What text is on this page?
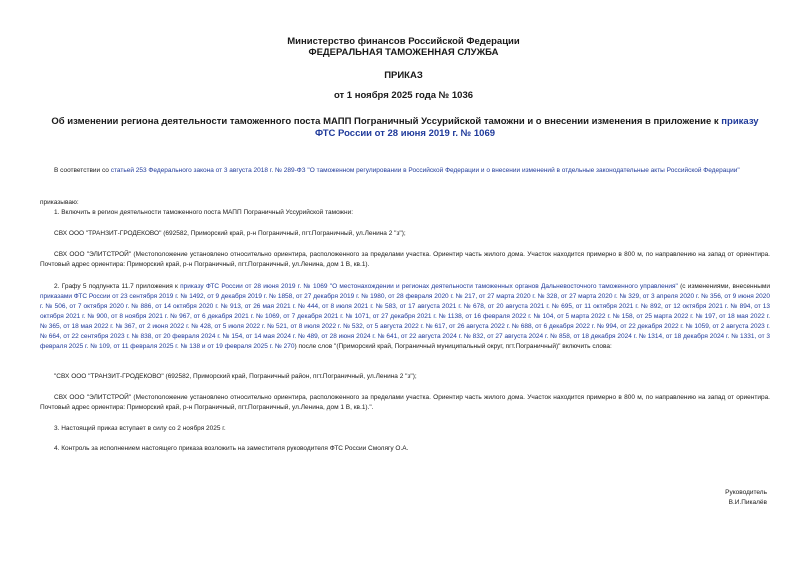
Министерство финансов Российской Федерации
ФЕДЕРАЛЬНАЯ ТАМОЖЕННАЯ СЛУЖБА
ПРИКАЗ
от 1 ноября 2025 года № 1036
Об изменении региона деятельности таможенного поста МАПП Пограничный Уссурийской таможни и о внесении изменения в приложение к приказу ФТС России от 28 июня 2019 г. № 1069
В соответствии со статьей 253 Федерального закона от 3 августа 2018 г. № 289-ФЗ "О таможенном регулировании в Российской Федерации и о внесении изменений в отдельные законодательные акты Российской Федерации"
приказываю:
1. Включить в регион деятельности таможенного поста МАПП Пограничный Уссурийской таможни:
СВХ ООО "ТРАНЗИТ-ГРОДЕКОВО" (692582, Приморский край, р-н Пограничный, пгт.Пограничный, ул.Ленина 2 "з");
СВХ ООО "ЭЛИТСТРОЙ" (Местоположение установлено относительно ориентира, расположенного за пределами участка. Ориентир часть жилого дома. Участок находится примерно в 800 м, по направлению на запад от ориентира. Почтовый адрес ориентира: Приморский край, р-н Пограничный, пгт.Пограничный, ул.Ленина, дом 1 В, кв.1).
2. Графу 5 подпункта 11.7 приложения к приказу ФТС России от 28 июня 2019 г. № 1069 "О местонахождении и регионах деятельности таможенных органов Дальневосточного таможенного управления" (с изменениями, внесенными приказами ФТС России от 23 сентября 2019 г. № 1492, от 9 декабря 2019 г. № 1858, от 27 декабря 2019 г. № 1980, от 28 февраля 2020 г. № 217, от 27 марта 2020 г. № 328, от 27 марта 2020 г. № 329, от 3 апреля 2020 г. № 356, от 9 июня 2020 г. № 506, от 7 октября 2020 г. № 886, от 14 октября 2020 г. № 913, от 26 мая 2021 г. № 444, от 8 июля 2021 г. № 583, от 17 августа 2021 г. № 678, от 20 августа 2021 г. № 695, от 11 октября 2021 г. № 892, от 12 октября 2021 г. № 894, от 13 октября 2021 г. № 900, от 8 ноября 2021 г. № 967, от 6 декабря 2021 г. № 1069, от 7 декабря 2021 г. № 1071, от 27 декабря 2021 г. № 1138, от 16 февраля 2022 г. № 104, от 5 марта 2022 г. № 158, от 25 марта 2022 г. № 197, от 18 мая 2022 г. № 365, от 18 мая 2022 г. № 367, от 2 июня 2022 г. № 428, от 5 июля 2022 г. № 521, от 8 июля 2022 г. № 532, от 5 августа 2022 г. № 617, от 26 августа 2022 г. № 688, от 6 декабря 2022 г. № 994, от 22 декабря 2022 г. № 1059, от 2 августа 2023 г. № 664, от 22 сентября 2023 г. № 838, от 20 февраля 2024 г. № 154, от 14 мая 2024 г. № 489, от 28 июня 2024 г. № 641, от 22 августа 2024 г. № 832, от 27 августа 2024 г. № 858, от 18 декабря 2024 г. № 1314, от 18 декабря 2024 г. № 1331, от 3 февраля 2025 г. № 109, от 11 февраля 2025 г. № 138 и от 19 февраля 2025 г. № 270) после слов "(Приморский край, Пограничный муниципальный округ, пгт.Пограничный)" включить слова:
"СВХ ООО "ТРАНЗИТ-ГРОДЕКОВО" (692582, Приморский край, Пограничный район, пгт.Пограничный, ул.Ленина 2 "з");
СВХ ООО "ЭЛИТСТРОЙ" (Местоположение установлено относительно ориентира, расположенного за пределами участка. Ориентир часть жилого дома. Участок находится примерно в 800 м, по направлению на запад от ориентира. Почтовый адрес ориентира: Приморский край, р-н Пограничный, пгт.Пограничный, ул.Ленина, дом 1 В, кв.1).".
3. Настоящий приказ вступает в силу со 2 ноября 2025 г.
4. Контроль за исполнением настоящего приказа возложить на заместителя руководителя ФТС России Смолягу О.А.
Руководитель
В.И.Пикалёв
